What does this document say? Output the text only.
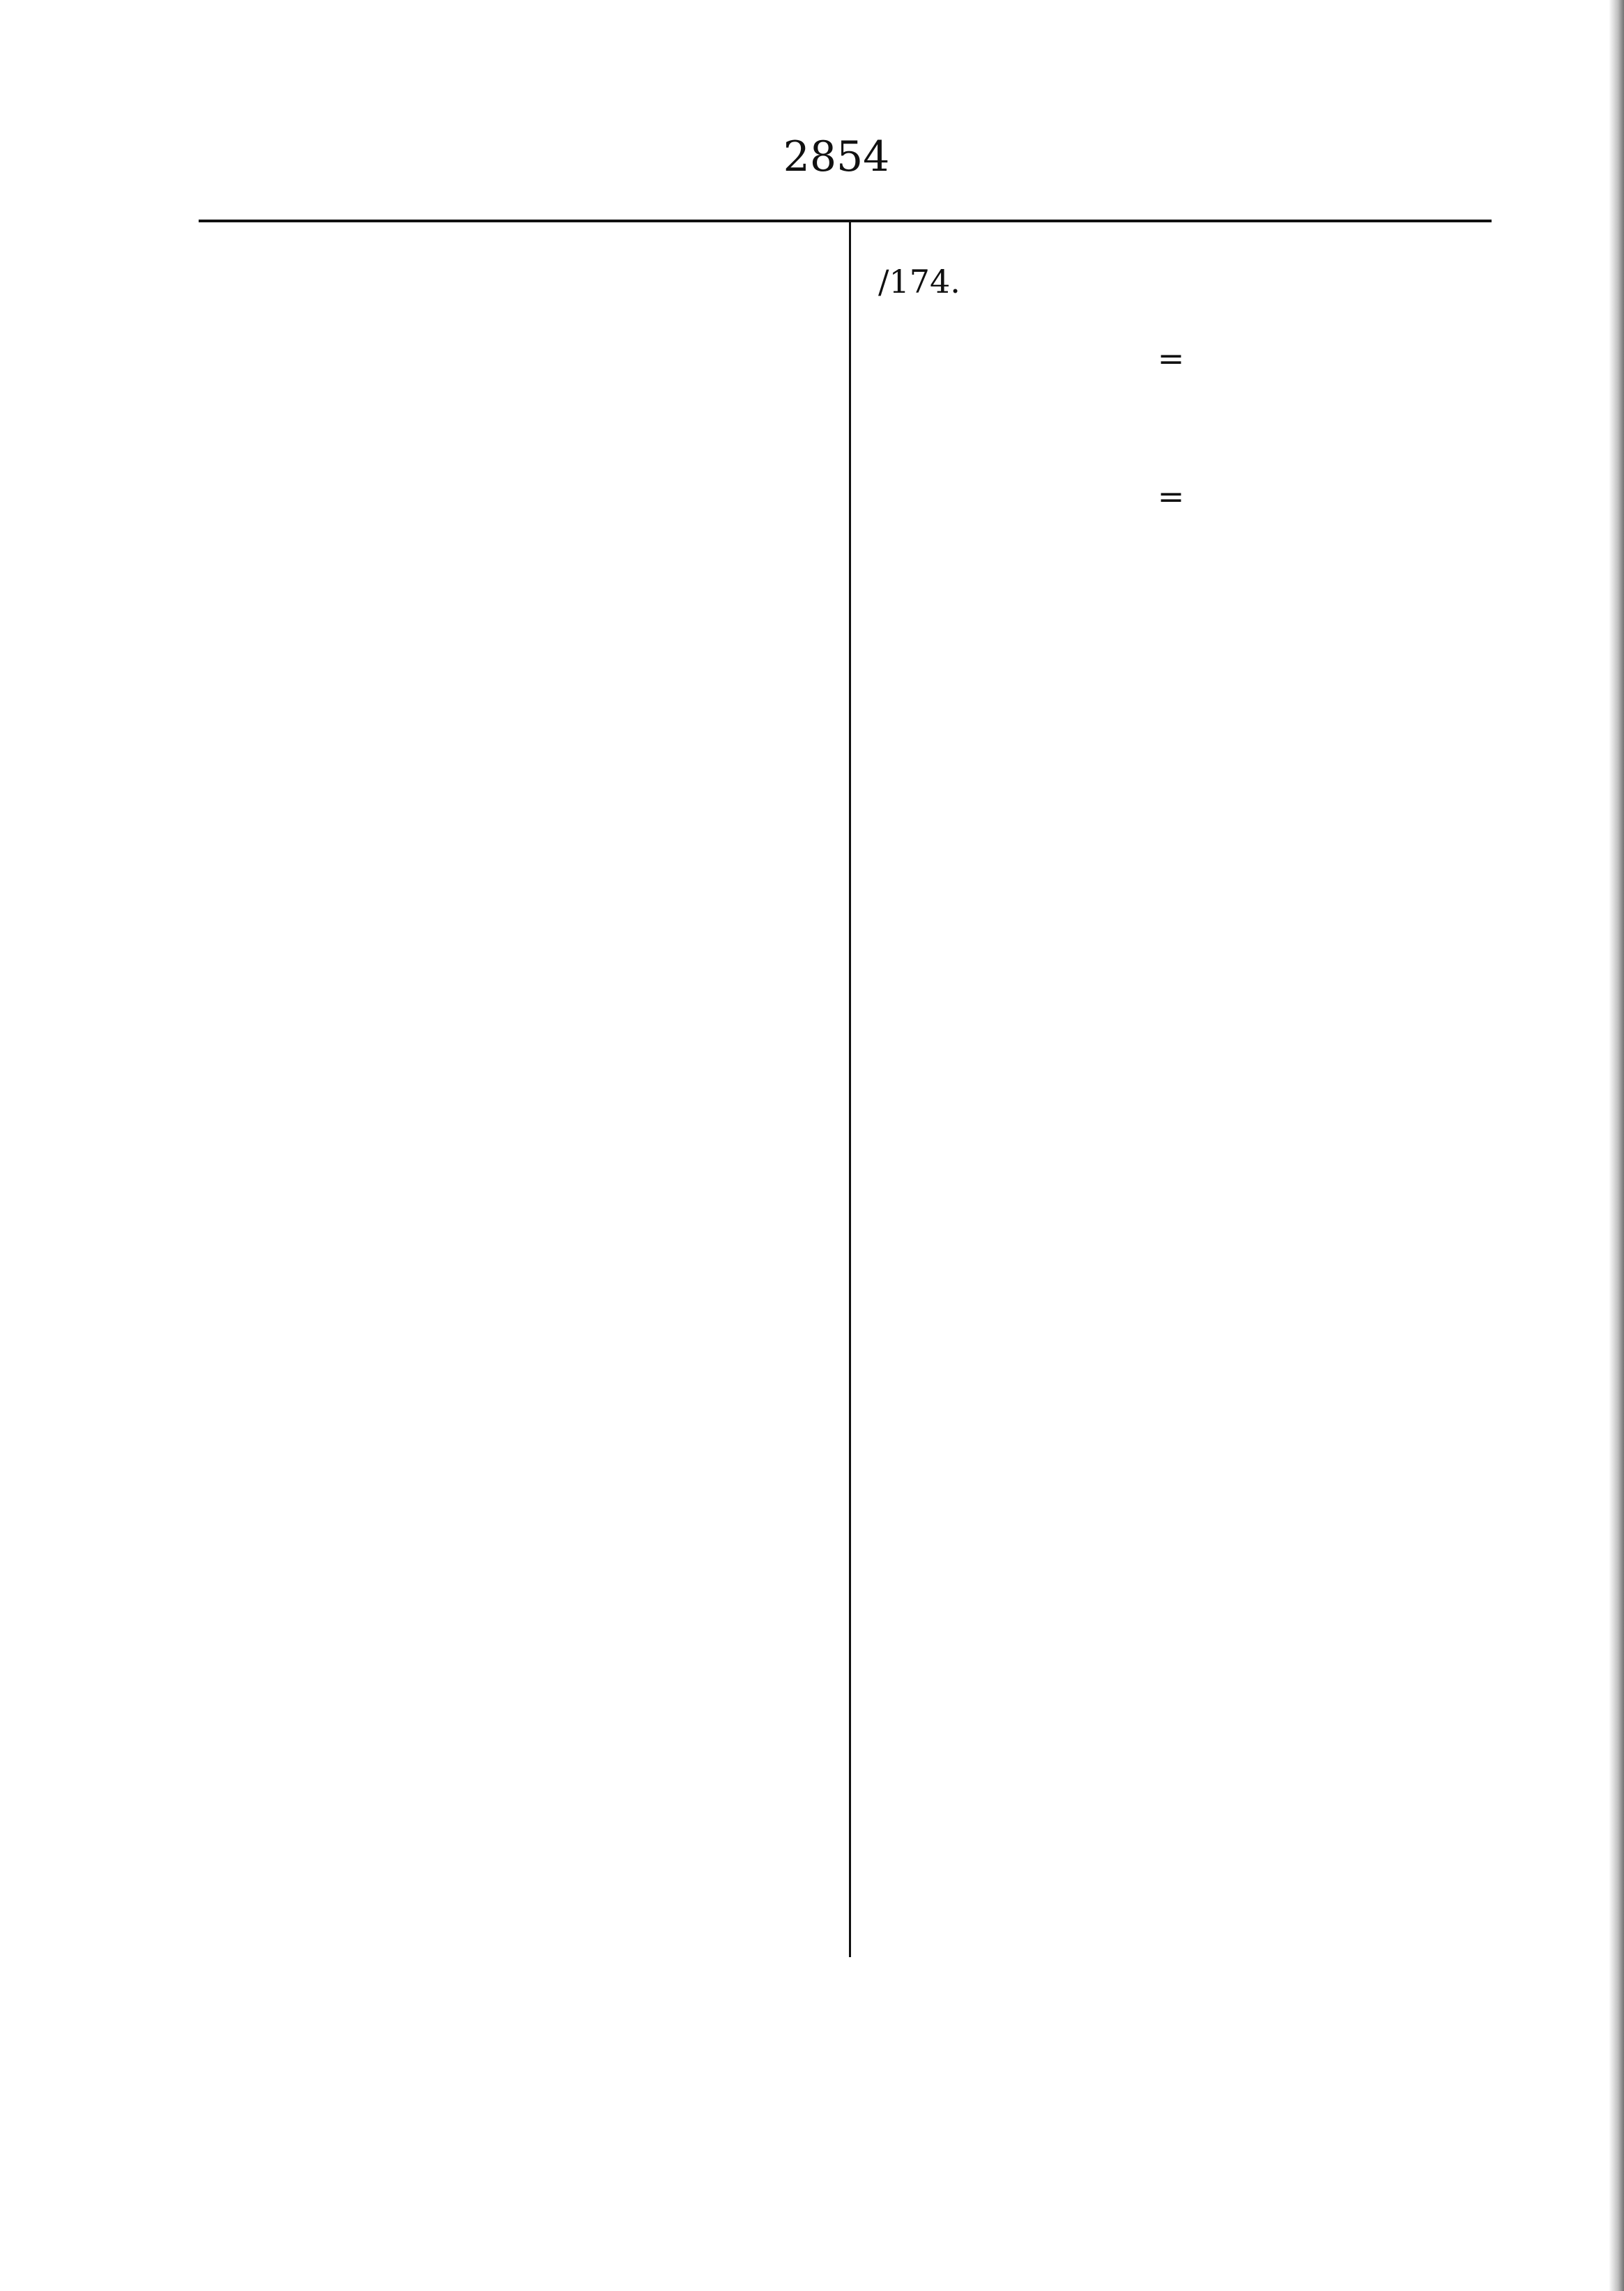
2854
/174.
=
=
